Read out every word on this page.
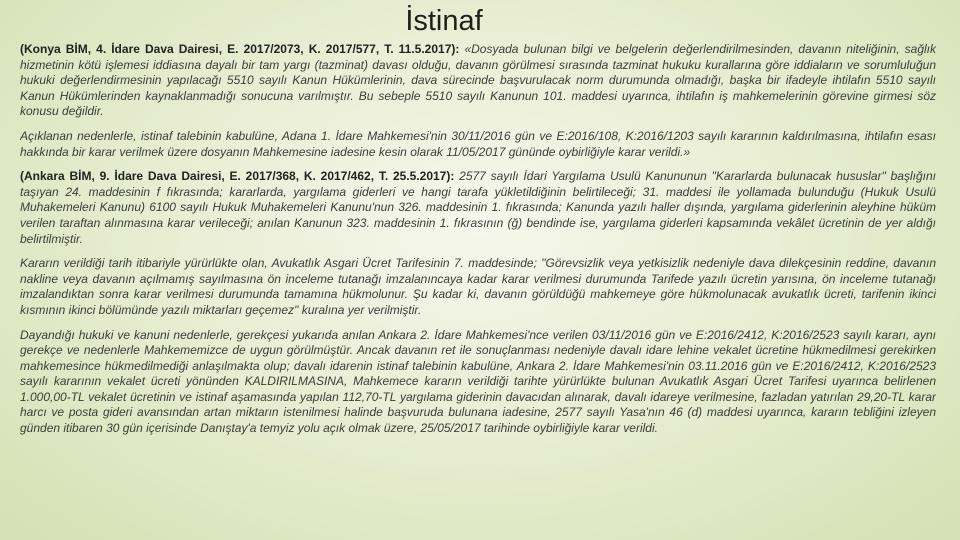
İstinaf

(Konya BİM, 4. İdare Dava Dairesi, E. 2017/2073, K. 2017/577, T. 11.5.2017): «Dosyada bulunan bilgi ve belgelerin değerlendirilmesinden, davanın niteliğinin, sağlık hizmetinin kötü işlemesi iddiasına dayalı bir tam yargı (tazminat) davası olduğu, davanın görülmesi sırasında tazminat hukuku kurallarına göre iddiaların ve sorumluluğun hukuki değerlendirmesinin yapılacağı 5510 sayılı Kanun Hükümlerinin, dava sürecinde başvurulacak norm durumunda olmadığı, başka bir ifadeyle ihtilafın 5510 sayılı Kanun Hükümlerinden kaynaklanmadığı sonucuna varılmıştır. Bu sebeple 5510 sayılı Kanunun 101. maddesi uyarınca, ihtilafın iş mahkemelerinin görevine girmesi söz konusu değildir.

Açıklanan nedenlerle, istinaf talebinin kabulüne, Adana 1. İdare Mahkemesi'nin 30/11/2016 gün ve E:2016/108, K:2016/1203 sayılı kararının kaldırılmasına, ihtilafın esası hakkında bir karar verilmek üzere dosyanın Mahkemesine iadesine kesin olarak 11/05/2017 gününde oybirliğiyle karar verildi.»

(Ankara BİM, 9. İdare Dava Dairesi, E. 2017/368, K. 2017/462, T. 25.5.2017): 2577 sayılı İdari Yargılama Usulü Kanununun "Kararlarda bulunacak hususlar" başlığını taşıyan 24. maddesinin f fıkrasında; kararlarda, yargılama giderleri ve hangi tarafa yükletildiğinin belirtileceği; 31. maddesi ile yollamada bulunduğu (Hukuk Usulü Muhakemeleri Kanunu) 6100 sayılı Hukuk Muhakemeleri Kanunu'nun 326. maddesinin 1. fıkrasında; Kanunda yazılı haller dışında, yargılama giderlerinin aleyhine hüküm verilen taraftan alınmasına karar verileceği; anılan Kanunun 323. maddesinin 1. fıkrasının (ğ) bendinde ise, yargılama giderleri kapsamında vekâlet ücretinin de yer aldığı belirtilmiştir.

Kararın verildiği tarih itibariyle yürürlükte olan, Avukatlık Asgari Ücret Tarifesinin 7. maddesinde; "Görevsizlik veya yetkisizlik nedeniyle dava dilekçesinin reddine, davanın nakline veya davanın açılmamış sayılmasına ön inceleme tutanağı imzalanıncaya kadar karar verilmesi durumunda Tarifede yazılı ücretin yarısına, ön inceleme tutanağı imzalandıktan sonra karar verilmesi durumunda tamamına hükmolunur. Şu kadar ki, davanın görüldüğü mahkemeye göre hükmolunacak avukatlık ücreti, tarifenin ikinci kısmının ikinci bölümünde yazılı miktarları geçemez" kuralına yer verilmiştir.

Dayandığı hukuki ve kanuni nedenlerle, gerekçesi yukarıda anılan Ankara 2. İdare Mahkemesi'nce verilen 03/11/2016 gün ve E:2016/2412, K:2016/2523 sayılı kararı, aynı gerekçe ve nedenlerle Mahkememizce de uygun görülmüştür. Ancak davanın ret ile sonuçlanması nedeniyle davalı idare lehine vekalet ücretine hükmedilmesi gerekirken mahkemesince hükmedilmediği anlaşılmakta olup; davalı idarenin istinaf talebinin kabulüne, Ankara 2. İdare Mahkemesi'nin 03.11.2016 gün ve E:2016/2412, K:2016/2523 sayılı kararının vekalet ücreti yönünden KALDIRILMASINA, Mahkemece kararın verildiği tarihte yürürlükte bulunan Avukatlık Asgari Ücret Tarifesi uyarınca belirlenen 1.000,00-TL vekalet ücretinin ve istinaf aşamasında yapılan 112,70-TL yargılama giderinin davacıdan alınarak, davalı idareye verilmesine, fazladan yatırılan 29,20-TL karar harcı ve posta gideri avansından artan miktarın istenilmesi halinde başvuruda bulunana iadesine, 2577 sayılı Yasa'nın 46 (d) maddesi uyarınca, kararın tebliğini izleyen günden itibaren 30 gün içerisinde Danıştay'a temyiz yolu açık olmak üzere, 25/05/2017 tarihinde oybirliğiyle karar verildi.
